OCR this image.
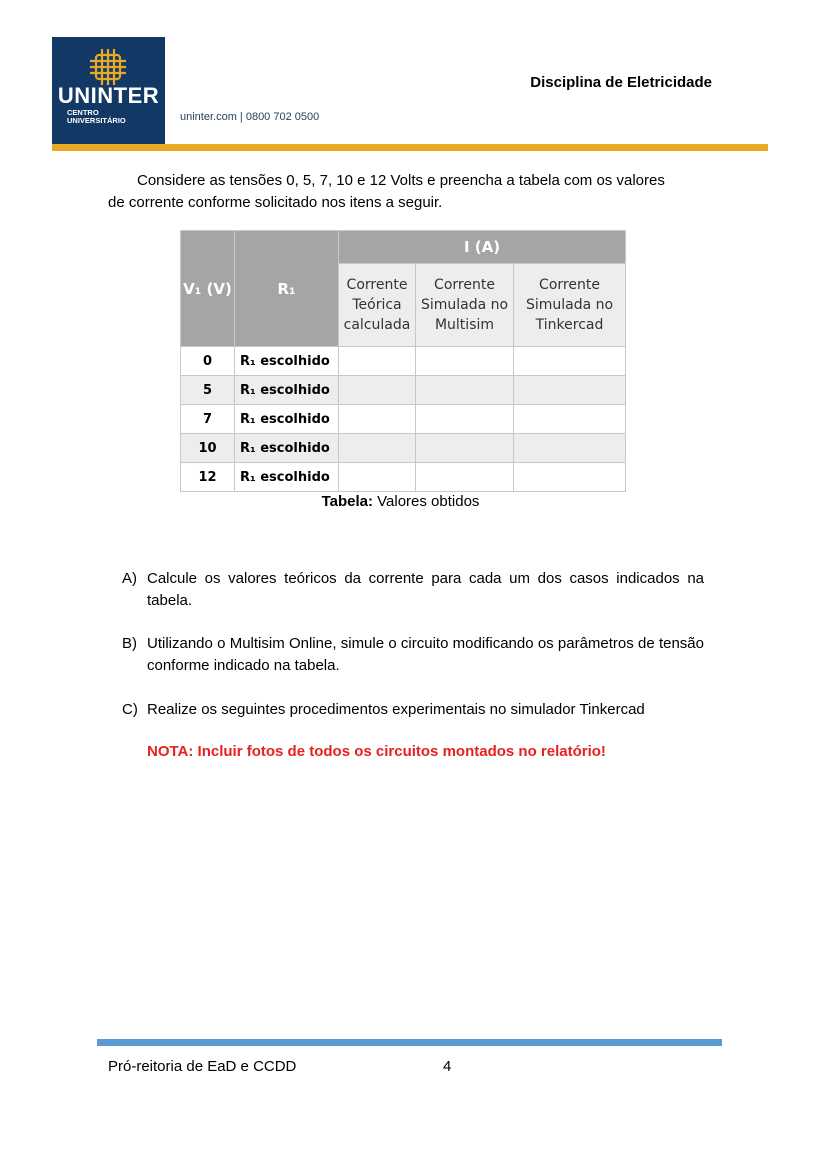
UNINTER
CENTRO
UNIVERSITÁRIO	uninter.com | 0800 702 0500
Disciplina de Eletricidade
Considere as tensões 0, 5, 7, 10 e 12 Volts e preencha a tabela com os valores
de corrente conforme solicitado nos itens a seguir.
V₁ (V)	R₁	I (A)		
		Corrente Teórica calculada	Corrente Simulada no Multisim	Corrente Simulada no Tinkercad
0	R₁ escolhido			
5	R₁ escolhido			
7	R₁ escolhido			
10	R₁ escolhido			
12	R₁ escolhido			
Tabela: Valores obtidos
A) Calcule os valores teóricos da corrente para cada um dos casos indicados na tabela.
B) Utilizando o Multisim Online, simule o circuito modificando os parâmetros de tensão conforme indicado na tabela.
C) Realize os seguintes procedimentos experimentais no simulador Tinkercad
NOTA: Incluir fotos de todos os circuitos montados no relatório!
Pró-reitoria de EaD e CCDD	4
